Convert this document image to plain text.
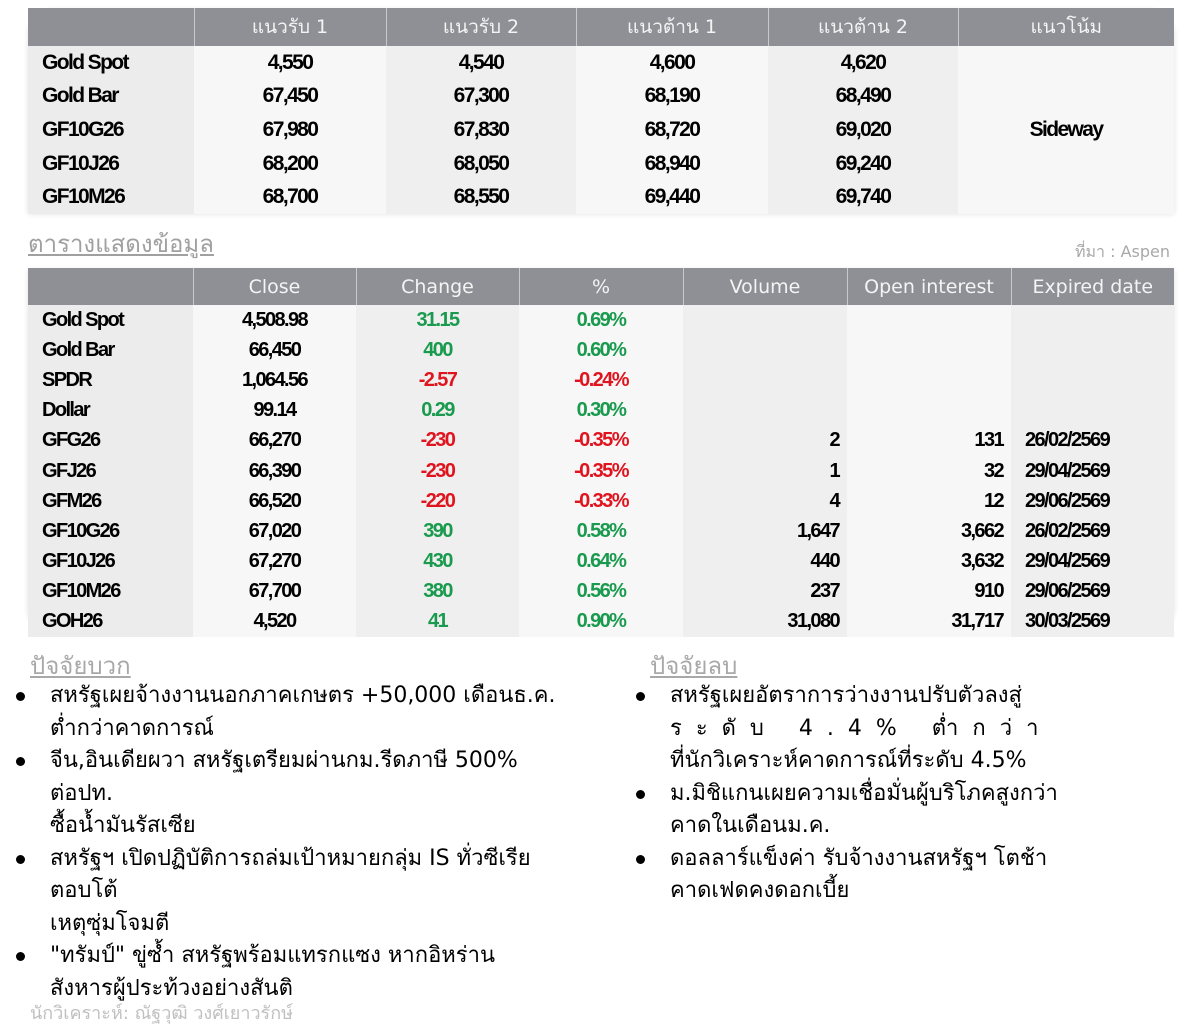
	แนวรับ 1	แนวรับ 2	แนวต้าน 1	แนวต้าน 2	แนวโน้ม
Gold Spot	4,550	4,540	4,600	4,620	Sideway
Gold Bar	67,450	67,300	68,190	68,490	
GF10G26	67,980	67,830	68,720	69,020	
GF10J26	68,200	68,050	68,940	69,240	
GF10M26	68,700	68,550	69,440	69,740	
ตารางแสดงข้อมูล	ที่มา : Aspen
	Close	Change	%	Volume	Open interest	Expired date
Gold Spot	4,508.98	31.15	0.69%			
Gold Bar	66,450	400	0.60%			
SPDR	1,064.56	-2.57	-0.24%			
Dollar	99.14	0.29	0.30%			
GFG26	66,270	-230	-0.35%	2	131	26/02/2569
GFJ26	66,390	-230	-0.35%	1	32	29/04/2569
GFM26	66,520	-220	-0.33%	4	12	29/06/2569
GF10G26	67,020	390	0.58%	1,647	3,662	26/02/2569
GF10J26	67,270	430	0.64%	440	3,632	29/04/2569
GF10M26	67,700	380	0.56%	237	910	29/06/2569
GOH26	4,520	41	0.90%	31,080	31,717	30/03/2569
ปัจจัยบวก
สหรัฐเผยจ้างงานนอกภาคเกษตร +50,000 เดือนธ.ค.
ต่ำกว่าคาดการณ์
จีน,อินเดียผวา สหรัฐเตรียมผ่านกม.รีดภาษี 500%
ต่อปท.
ซื้อน้ำมันรัสเซีย
สหรัฐฯ เปิดปฏิบัติการถล่มเป้าหมายกลุ่ม IS ทั่วซีเรีย
ตอบโต้
เหตุซุ่มโจมตี
"ทรัมป์" ขู่ซ้ำ สหรัฐพร้อมแทรกแซง หากอิหร่าน
สังหารผู้ประท้วงอย่างสันติ
ปัจจัยลบ
สหรัฐเผยอัตราการว่างงานปรับตัวลงสู่
ระดับ 4.4% ต่ำกว่า
ที่นักวิเคราะห์คาดการณ์ที่ระดับ 4.5%
ม.มิชิแกนเผยความเชื่อมั่นผู้บริโภคสูงกว่า
คาดในเดือนม.ค.
ดอลลาร์แข็งค่า รับจ้างงานสหรัฐฯ โตช้า
คาดเฟดคงดอกเบี้ย
นักวิเคราะห์: ณัฐวุฒิ วงศ์เยาวรักษ์
